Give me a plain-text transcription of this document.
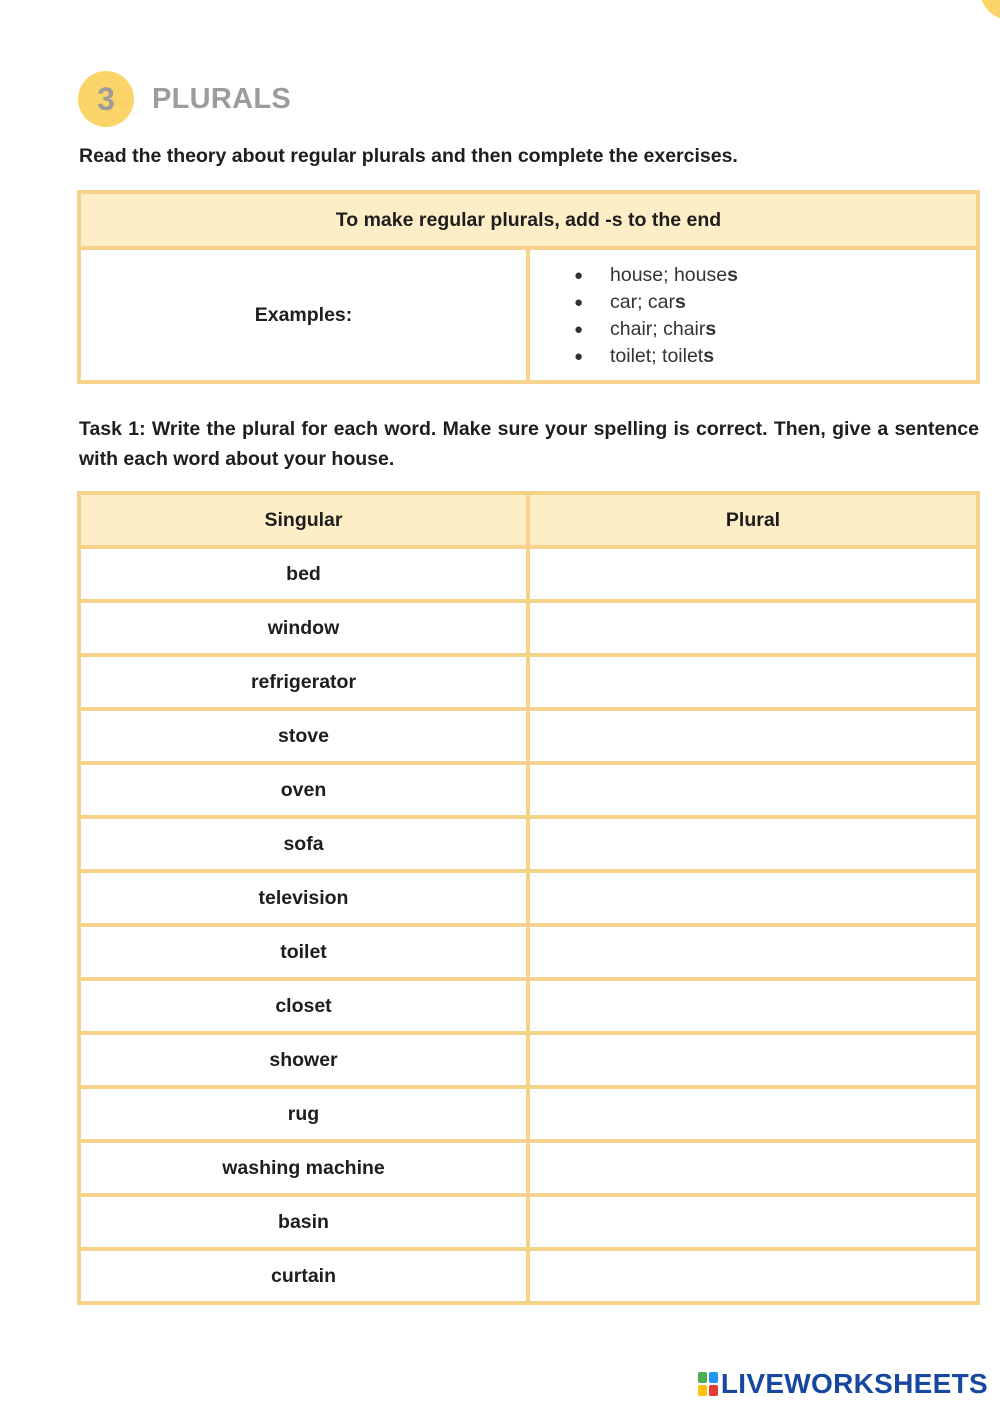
3	PLURALS
Read the theory about regular plurals and then complete the exercises.
To make regular plurals, add -s to the end
Examples:
●	house; house s
●	car; car s
●	chair; chair s
●	toilet; toilet s
Task 1: Write the plural for each word. Make sure your spelling is correct. Then, give a sentence with each word about your house.
Singular	Plural
bed
window
refrigerator
stove
oven
sofa
television
toilet
closet
shower
rug
washing machine
basin
curtain
LIVEWORKSHEETS
